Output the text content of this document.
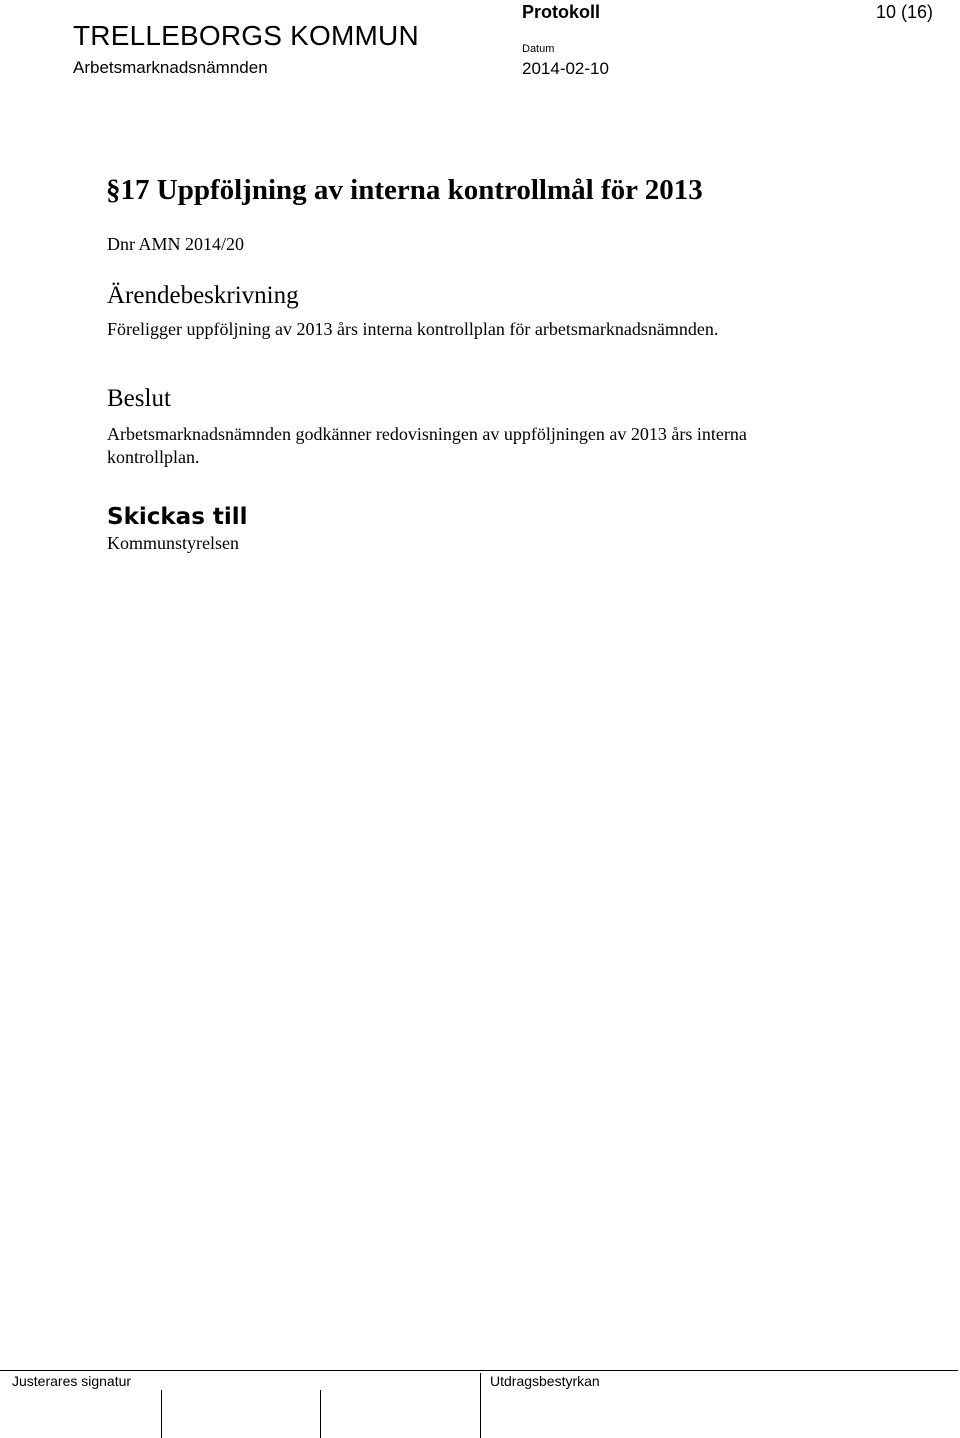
TRELLEBORGS KOMMUN
Arbetsmarknadsnämnden
Protokoll	10 (16)
Datum
2014-02-10
§17 Uppföljning av interna kontrollmål för 2013
Dnr AMN 2014/20
Ärendebeskrivning
Föreligger uppföljning av 2013 års interna kontrollplan för arbetsmarknadsnämnden.
Beslut
Arbetsmarknadsnämnden godkänner redovisningen av uppföljningen av 2013 års interna kontrollplan.
Skickas till
Kommunstyrelsen
Justerares signatur	Utdragsbestyrkan
